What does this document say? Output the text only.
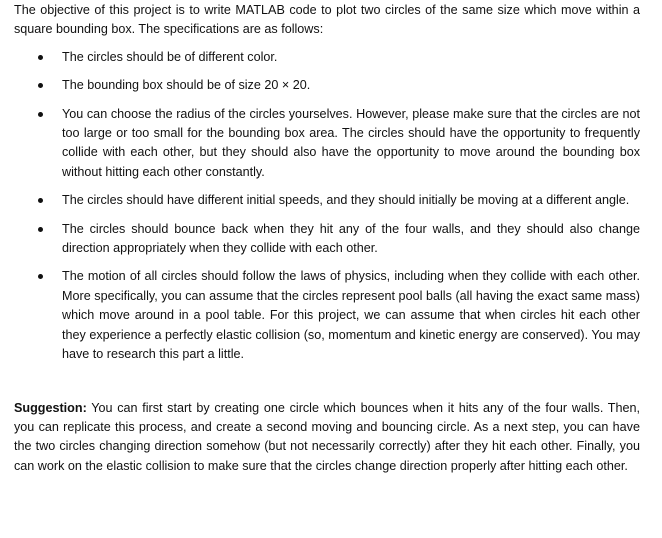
The objective of this project is to write MATLAB code to plot two circles of the same size which move within a square bounding box. The specifications are as follows:

The circles should be of different color.
The bounding box should be of size 20 × 20.
You can choose the radius of the circles yourselves. However, please make sure that the circles are not too large or too small for the bounding box area. The circles should have the opportunity to frequently collide with each other, but they should also have the opportunity to move around the bounding box without hitting each other constantly.
The circles should have different initial speeds, and they should initially be moving at a different angle.
The circles should bounce back when they hit any of the four walls, and they should also change direction appropriately when they collide with each other.
The motion of all circles should follow the laws of physics, including when they collide with each other. More specifically, you can assume that the circles represent pool balls (all having the exact same mass) which move around in a pool table. For this project, we can assume that when circles hit each other they experience a perfectly elastic collision (so, momentum and kinetic energy are conserved). You may have to research this part a little.

Suggestion: You can first start by creating one circle which bounces when it hits any of the four walls. Then, you can replicate this process, and create a second moving and bouncing circle. As a next step, you can have the two circles changing direction somehow (but not necessarily correctly) after they hit each other. Finally, you can work on the elastic collision to make sure that the circles change direction properly after hitting each other.
